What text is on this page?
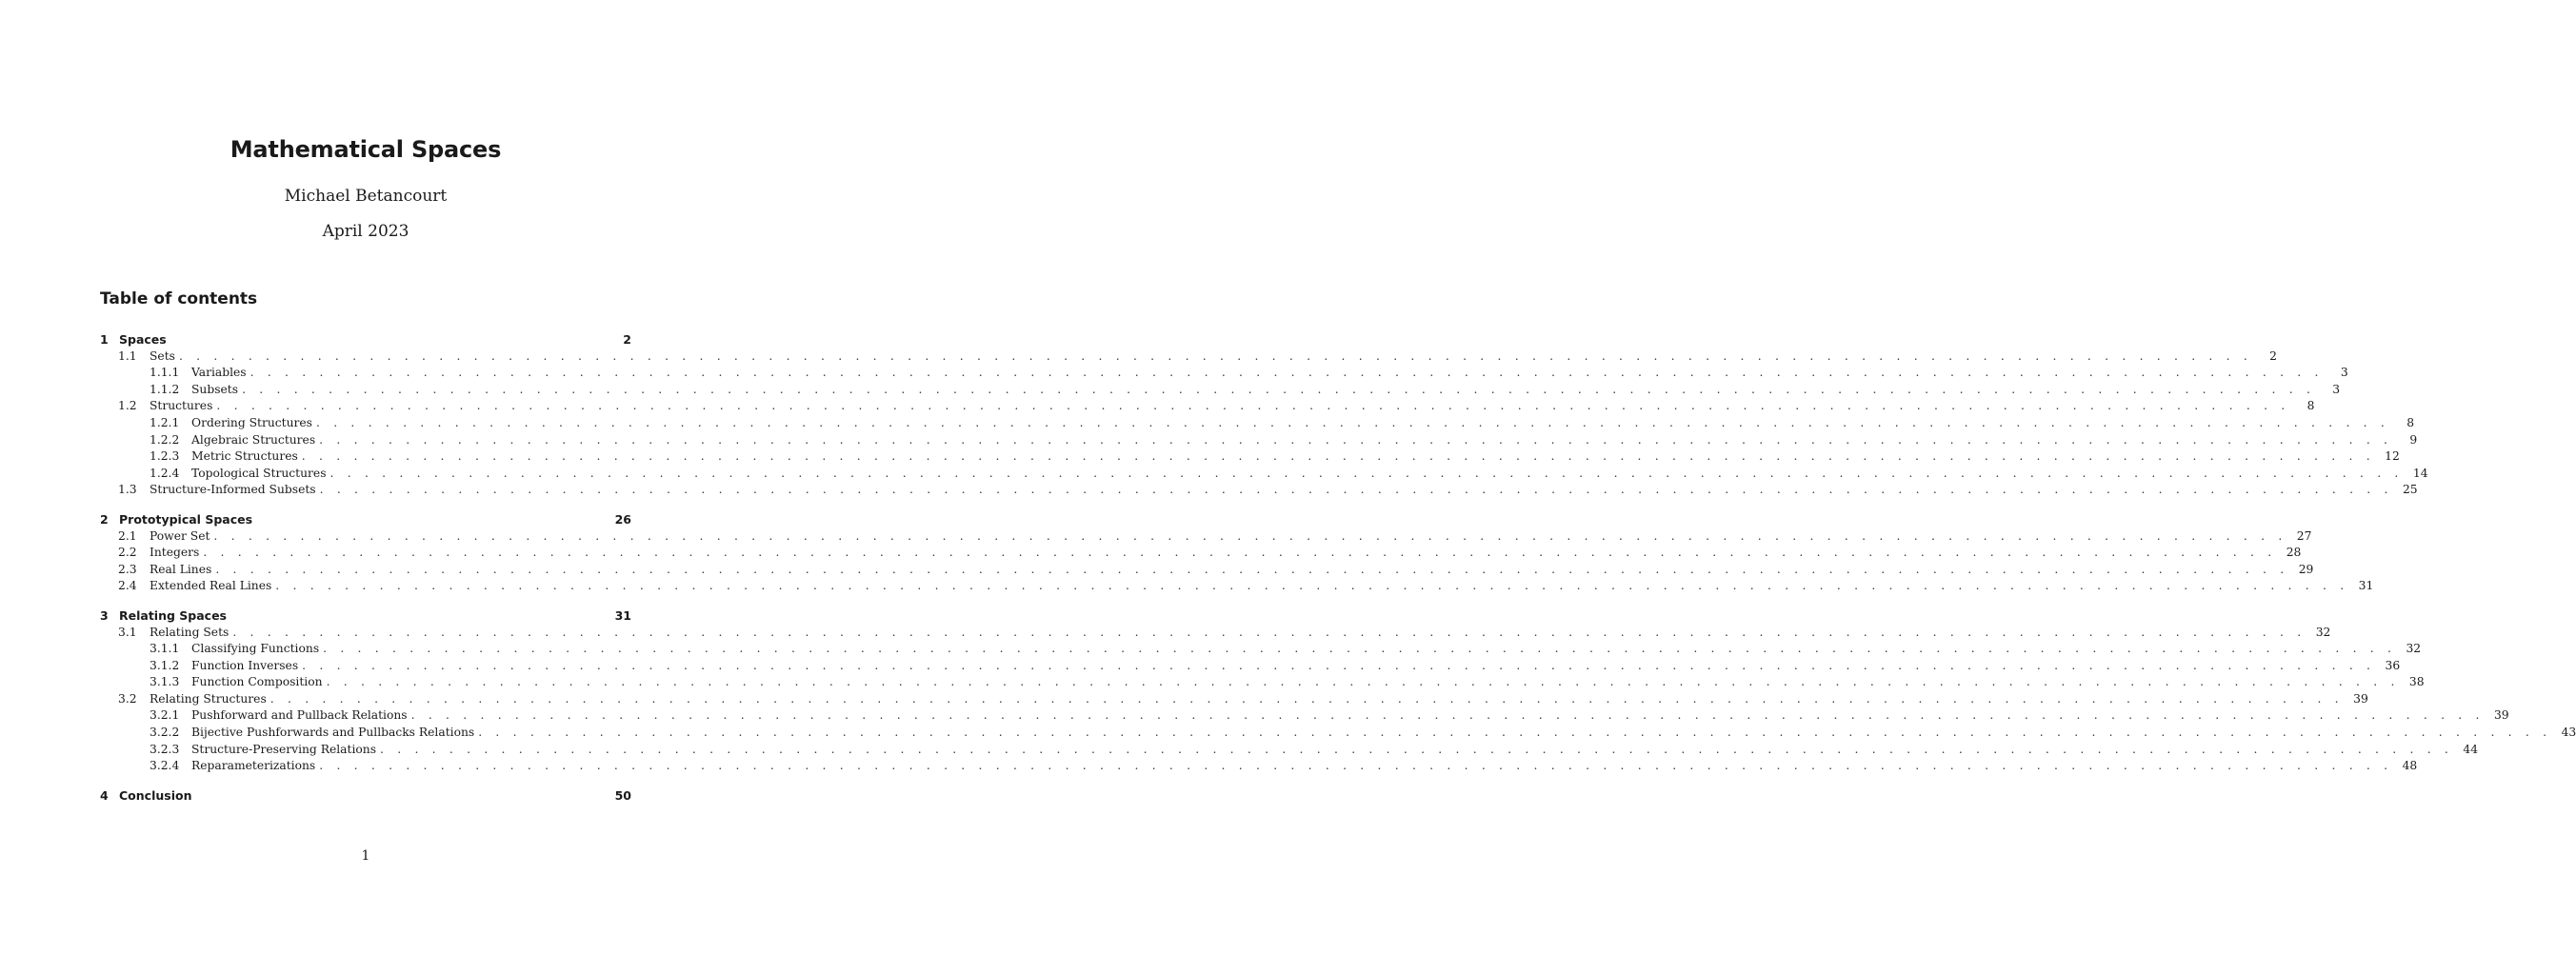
Mathematical Spaces
Michael Betancourt
April 2023
Table of contents
1 Spaces	2
1.1 Sets . . . . . . . . . . . . . . . . . . . . . . . . . . . . . . . . . . . . . . . . . . . . . . . . . . . . . . . . . . . . . . . . . . . . . . . . . . . . . . . . . . . . . . . . . . . . . . . . . . . . . . . . . . . . . . . . . . . . . . . .	2
1.1.1 Variables . . . . . . . . . . . . . . . . . . . . . . . . . . . . . . . . . . . . . . . . . . . . . . . . . . . . . . . . . . . . . . . . . . . . . . . . . . . . . . . . . . . . . . . . . . . . . . . . . . . . . . . . . . . . . . . . . . . . . . . .	3
1.1.2 Subsets . . . . . . . . . . . . . . . . . . . . . . . . . . . . . . . . . . . . . . . . . . . . . . . . . . . . . . . . . . . . . . . . . . . . . . . . . . . . . . . . . . . . . . . . . . . . . . . . . . . . . . . . . . . . . . . . . . . . . . . .	3
1.2 Structures . . . . . . . . . . . . . . . . . . . . . . . . . . . . . . . . . . . . . . . . . . . . . . . . . . . . . . . . . . . . . . . . . . . . . . . . . . . . . . . . . . . . . . . . . . . . . . . . . . . . . . . . . . . . . . . . . . . . . . . .	8
1.2.1 Ordering Structures . . . . . . . . . . . . . . . . . . . . . . . . . . . . . . . . . . . . . . . . . . . . . . . . . . . . . . . . . . . . . . . . . . . . . . . . . . . . . . . . . . . . . . . . . . . . . . . . . . . . . . . . . . . . . . . . . . . . . . . .	8
1.2.2 Algebraic Structures . . . . . . . . . . . . . . . . . . . . . . . . . . . . . . . . . . . . . . . . . . . . . . . . . . . . . . . . . . . . . . . . . . . . . . . . . . . . . . . . . . . . . . . . . . . . . . . . . . . . . . . . . . . . . . . . . . . . . . . .	9
1.2.3 Metric Structures . . . . . . . . . . . . . . . . . . . . . . . . . . . . . . . . . . . . . . . . . . . . . . . . . . . . . . . . . . . . . . . . . . . . . . . . . . . . . . . . . . . . . . . . . . . . . . . . . . . . . . . . . . . . . . . . . . . . . . . . 12
1.2.4 Topological Structures . . . . . . . . . . . . . . . . . . . . . . . . . . . . . . . . . . . . . . . . . . . . . . . . . . . . . . . . . . . . . . . . . . . . . . . . . . . . . . . . . . . . . . . . . . . . . . . . . . . . . . . . . . . . . . . . . . . . . . . . 14
1.3 Structure-Informed Subsets . . . . . . . . . . . . . . . . . . . . . . . . . . . . . . . . . . . . . . . . . . . . . . . . . . . . . . . . . . . . . . . . . . . . . . . . . . . . . . . . . . . . . . . . . . . . . . . . . . . . . . . . . . . . . . . . . . . . . . . . 25
2 Prototypical Spaces	26
2.1 Power Set . . . . . . . . . . . . . . . . . . . . . . . . . . . . . . . . . . . . . . . . . . . . . . . . . . . . . . . . . . . . . . . . . . . . . . . . . . . . . . . . . . . . . . . . . . . . . . . . . . . . . . . . . . . . . . . . . . . . . . . . 27
2.2 Integers . . . . . . . . . . . . . . . . . . . . . . . . . . . . . . . . . . . . . . . . . . . . . . . . . . . . . . . . . . . . . . . . . . . . . . . . . . . . . . . . . . . . . . . . . . . . . . . . . . . . . . . . . . . . . . . . . . . . . . . . 28
2.3 Real Lines . . . . . . . . . . . . . . . . . . . . . . . . . . . . . . . . . . . . . . . . . . . . . . . . . . . . . . . . . . . . . . . . . . . . . . . . . . . . . . . . . . . . . . . . . . . . . . . . . . . . . . . . . . . . . . . . . . . . . . . . 29
2.4 Extended Real Lines . . . . . . . . . . . . . . . . . . . . . . . . . . . . . . . . . . . . . . . . . . . . . . . . . . . . . . . . . . . . . . . . . . . . . . . . . . . . . . . . . . . . . . . . . . . . . . . . . . . . . . . . . . . . . . . . . . . . . . . . 31
3 Relating Spaces	31
3.1 Relating Sets . . . . . . . . . . . . . . . . . . . . . . . . . . . . . . . . . . . . . . . . . . . . . . . . . . . . . . . . . . . . . . . . . . . . . . . . . . . . . . . . . . . . . . . . . . . . . . . . . . . . . . . . . . . . . . . . . . . . . . . . 32
3.1.1 Classifying Functions . . . . . . . . . . . . . . . . . . . . . . . . . . . . . . . . . . . . . . . . . . . . . . . . . . . . . . . . . . . . . . . . . . . . . . . . . . . . . . . . . . . . . . . . . . . . . . . . . . . . . . . . . . . . . . . . . . . . . . . . 32
3.1.2 Function Inverses . . . . . . . . . . . . . . . . . . . . . . . . . . . . . . . . . . . . . . . . . . . . . . . . . . . . . . . . . . . . . . . . . . . . . . . . . . . . . . . . . . . . . . . . . . . . . . . . . . . . . . . . . . . . . . . . . . . . . . . . 36
3.1.3 Function Composition . . . . . . . . . . . . . . . . . . . . . . . . . . . . . . . . . . . . . . . . . . . . . . . . . . . . . . . . . . . . . . . . . . . . . . . . . . . . . . . . . . . . . . . . . . . . . . . . . . . . . . . . . . . . . . . . . . . . . . . . 38
3.2 Relating Structures . . . . . . . . . . . . . . . . . . . . . . . . . . . . . . . . . . . . . . . . . . . . . . . . . . . . . . . . . . . . . . . . . . . . . . . . . . . . . . . . . . . . . . . . . . . . . . . . . . . . . . . . . . . . . . . . . . . . . . . . 39
3.2.1 Pushforward and Pullback Relations . . . . . . . . . . . . . . . . . . . . . . . . . . . . . . . . . . . . . . . . . . . . . . . . . . . . . . . . . . . . . . . . . . . . . . . . . . . . . . . . . . . . . . . . . . . . . . . . . . . . . . . . . . . . . . . . . . . . . . . . 39
3.2.2 Bijective Pushforwards and Pullbacks Relations . . . . . . . . . . . . . . . . . . . . . . . . . . . . . . . . . . . . . . . . . . . . . . . . . . . . . . . . . . . . . . . . . . . . . . . . . . . . . . . . . . . . . . . . . . . . . . . . . . . . . . . . . . . . . . . . . . . . . . . . 43
3.2.3 Structure-Preserving Relations . . . . . . . . . . . . . . . . . . . . . . . . . . . . . . . . . . . . . . . . . . . . . . . . . . . . . . . . . . . . . . . . . . . . . . . . . . . . . . . . . . . . . . . . . . . . . . . . . . . . . . . . . . . . . . . . . . . . . . . . 44
3.2.4 Reparameterizations . . . . . . . . . . . . . . . . . . . . . . . . . . . . . . . . . . . . . . . . . . . . . . . . . . . . . . . . . . . . . . . . . . . . . . . . . . . . . . . . . . . . . . . . . . . . . . . . . . . . . . . . . . . . . . . . . . . . . . . . 48
4 Conclusion	50
1
